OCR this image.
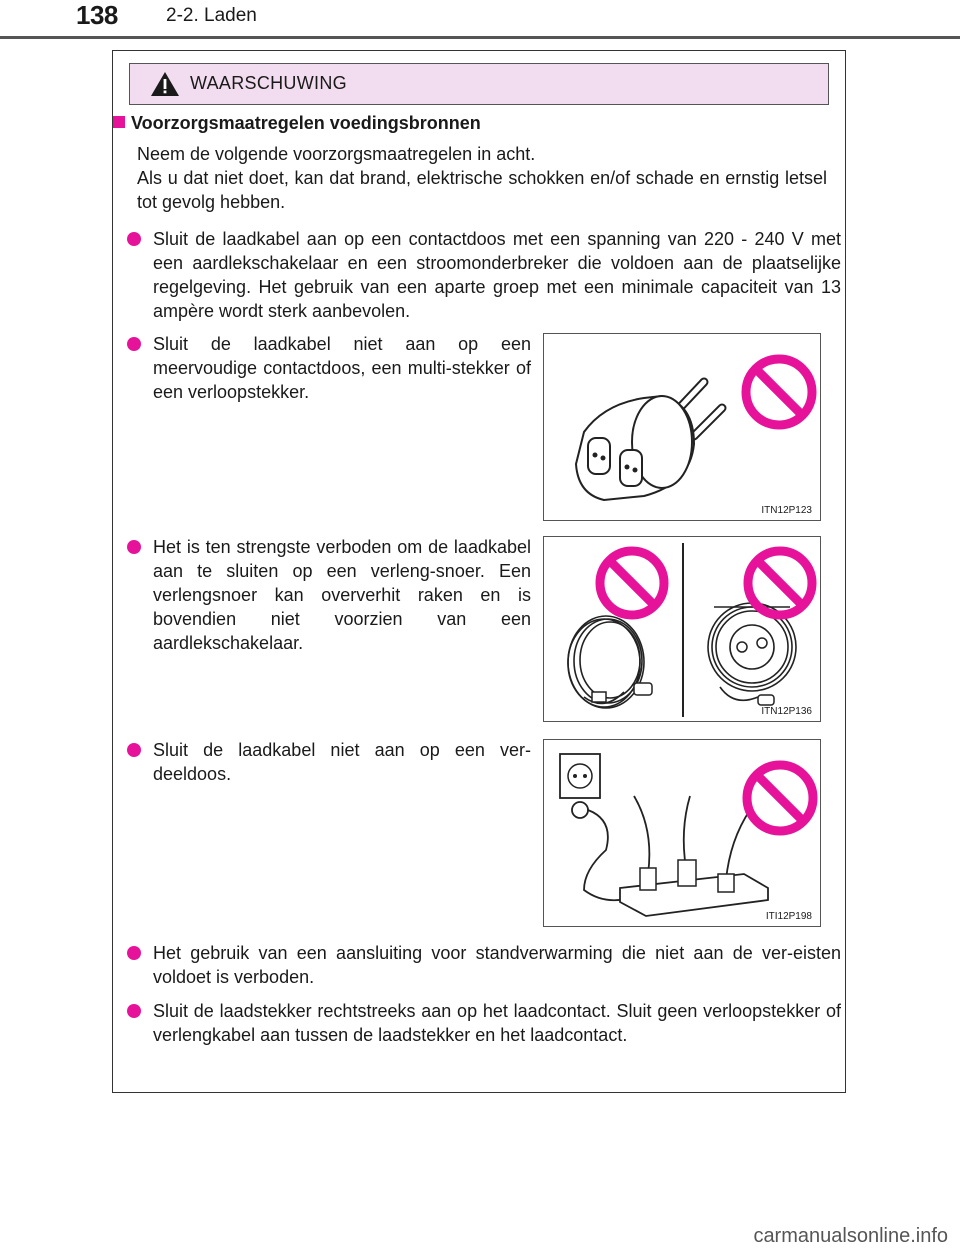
138	2-2. Laden
WAARSCHUWING
Voorzorgsmaatregelen voedingsbronnen
Neem de volgende voorzorgsmaatregelen in acht.
Als u dat niet doet, kan dat brand, elektrische schokken en/of schade en ernstig letsel tot gevolg hebben.
Sluit de laadkabel aan op een contactdoos met een spanning van 220 - 240 V met een aardlekschakelaar en een stroomonderbreker die voldoen aan de plaatselijke regelgeving. Het gebruik van een aparte groep met een minimale capaciteit van 13 ampère wordt sterk aanbevolen.
Sluit de laadkabel niet aan op een meervoudige contactdoos, een multi-stekker of een verloopstekker.
ITN12P123
Het is ten strengste verboden om de laadkabel aan te sluiten op een verleng-snoer. Een verlengsnoer kan oververhit raken en is bovendien niet voorzien van een aardlekschakelaar.
ITN12P136
Sluit de laadkabel niet aan op een ver-deeldoos.
ITI12P198
Het gebruik van een aansluiting voor standverwarming die niet aan de ver-eisten voldoet is verboden.
Sluit de laadstekker rechtstreeks aan op het laadcontact. Sluit geen verloopstekker of verlengkabel aan tussen de laadstekker en het laadcontact.
carmanualsonline.info
